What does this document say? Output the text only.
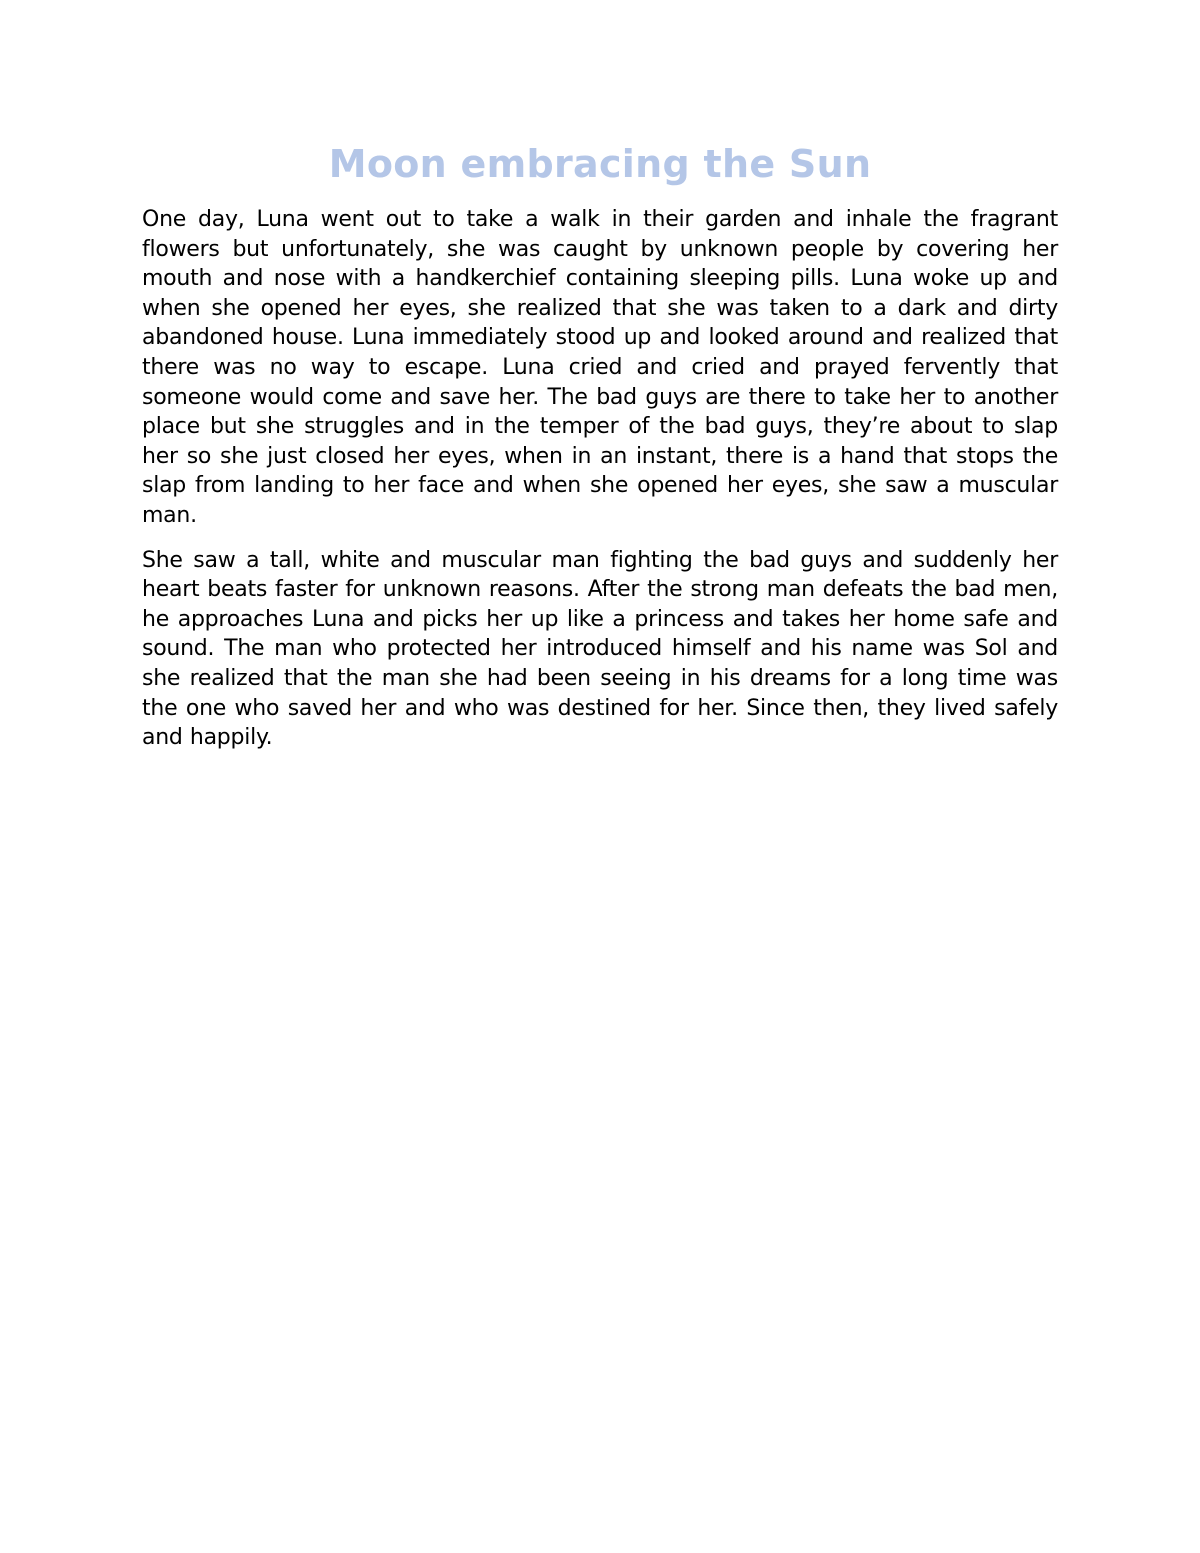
Moon embracing the Sun

One day, Luna went out to take a walk in their garden and inhale the fragrant flowers but unfortunately, she was caught by unknown people by covering her mouth and nose with a handkerchief containing sleeping pills. Luna woke up and when she opened her eyes, she realized that she was taken to a dark and dirty abandoned house. Luna immediately stood up and looked around and realized that there was no way to escape. Luna cried and cried and prayed fervently that someone would come and save her. The bad guys are there to take her to another place but she struggles and in the temper of the bad guys, they’re about to slap her so she just closed her eyes, when in an instant, there is a hand that stops the slap from landing to her face and when she opened her eyes, she saw a muscular man.

She saw a tall, white and muscular man fighting the bad guys and suddenly her heart beats faster for unknown reasons. After the strong man defeats the bad men, he approaches Luna and picks her up like a princess and takes her home safe and sound. The man who protected her introduced himself and his name was Sol and she realized that the man she had been seeing in his dreams for a long time was the one who saved her and who was destined for her. Since then, they lived safely and happily.
